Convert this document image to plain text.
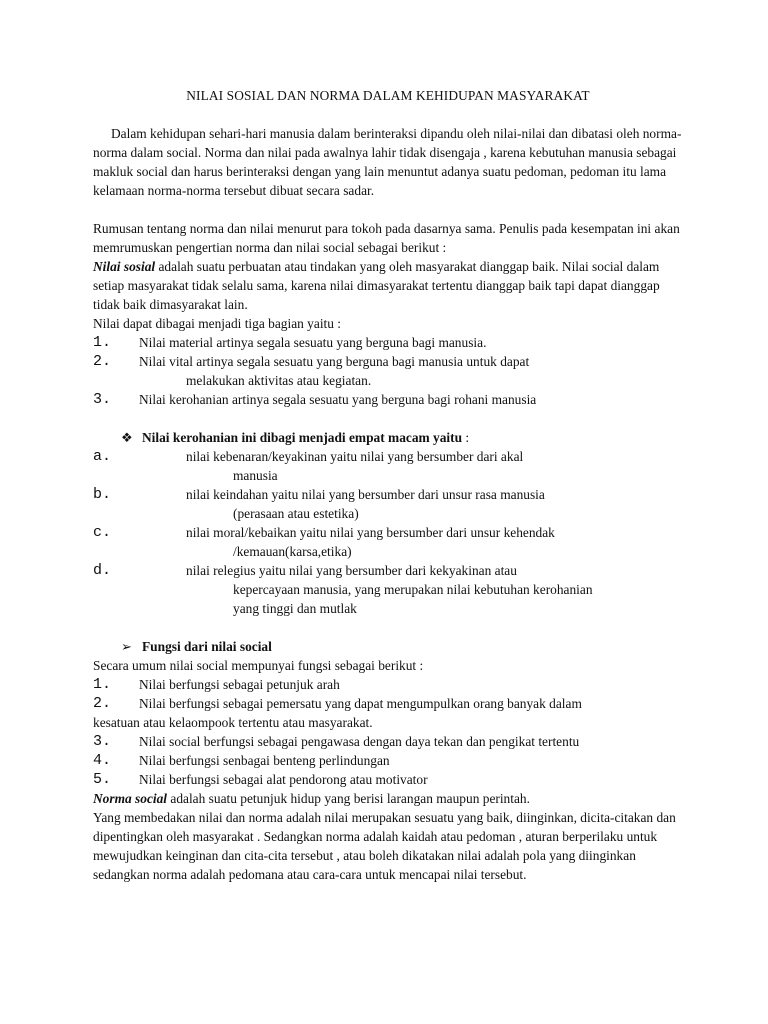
NILAI SOSIAL DAN NORMA DALAM KEHIDUPAN MASYARAKAT

Dalam kehidupan sehari-hari manusia dalam berinteraksi dipandu oleh nilai-nilai dan dibatasi oleh norma-norma dalam social. Norma dan nilai pada awalnya lahir tidak disengaja , karena kebutuhan manusia sebagai makluk social dan harus berinteraksi dengan yang lain menuntut adanya suatu pedoman, pedoman itu lama kelamaan norma-norma tersebut dibuat secara sadar.

Rumusan tentang norma dan nilai menurut para tokoh pada dasarnya sama. Penulis pada kesempatan ini akan memrumuskan pengertian norma dan nilai social sebagai berikut :

Nilai sosial adalah suatu perbuatan atau tindakan yang oleh masyarakat dianggap baik. Nilai social dalam setiap masyarakat tidak selalu sama, karena nilai dimasyarakat tertentu dianggap baik tapi dapat dianggap tidak baik dimasyarakat lain.

Nilai dapat dibagai menjadi tiga bagian yaitu :

1.	Nilai material artinya segala sesuatu yang berguna bagi manusia.
2.	Nilai vital artinya segala sesuatu yang berguna bagi manusia untuk dapat
melakukan aktivitas atau kegiatan.
3.	Nilai kerohanian artinya segala sesuatu yang berguna bagi rohani manusia
❖ Nilai kerohanian ini dibagi menjadi empat macam yaitu :
a.	nilai kebenaran/keyakinan yaitu nilai yang bersumber dari akal
manusia
b.	nilai keindahan yaitu nilai yang bersumber dari unsur rasa manusia
(perasaan atau estetika)
c.	nilai moral/kebaikan yaitu nilai yang bersumber dari unsur kehendak
/kemauan(karsa,etika)
d.	nilai relegius yaitu nilai yang bersumber dari kekyakinan atau
kepercayaan manusia, yang merupakan nilai kebutuhan kerohanian
yang tinggi dan mutlak
➢ Fungsi dari nilai social

Secara umum nilai social mempunyai fungsi sebagai berikut :

1.	Nilai berfungsi sebagai petunjuk arah
2.	Nilai berfungsi sebagai pemersatu yang dapat mengumpulkan orang banyak dalam
kesatuan atau kelaompook tertentu atau masyarakat.
3.	Nilai social berfungsi sebagai pengawasa dengan daya tekan dan pengikat tertentu
4.	Nilai berfungsi senbagai benteng perlindungan
5.	Nilai berfungsi sebagai alat pendorong atau motivator

Norma social adalah suatu petunjuk hidup yang berisi larangan maupun perintah.

Yang membedakan nilai dan norma adalah nilai merupakan sesuatu yang baik, diinginkan, dicita-citakan dan dipentingkan oleh masyarakat . Sedangkan norma adalah kaidah atau pedoman , aturan berperilaku untuk mewujudkan keinginan dan cita-cita tersebut , atau boleh dikatakan nilai adalah pola yang diinginkan sedangkan norma adalah pedomana atau cara-cara untuk mencapai nilai tersebut.
